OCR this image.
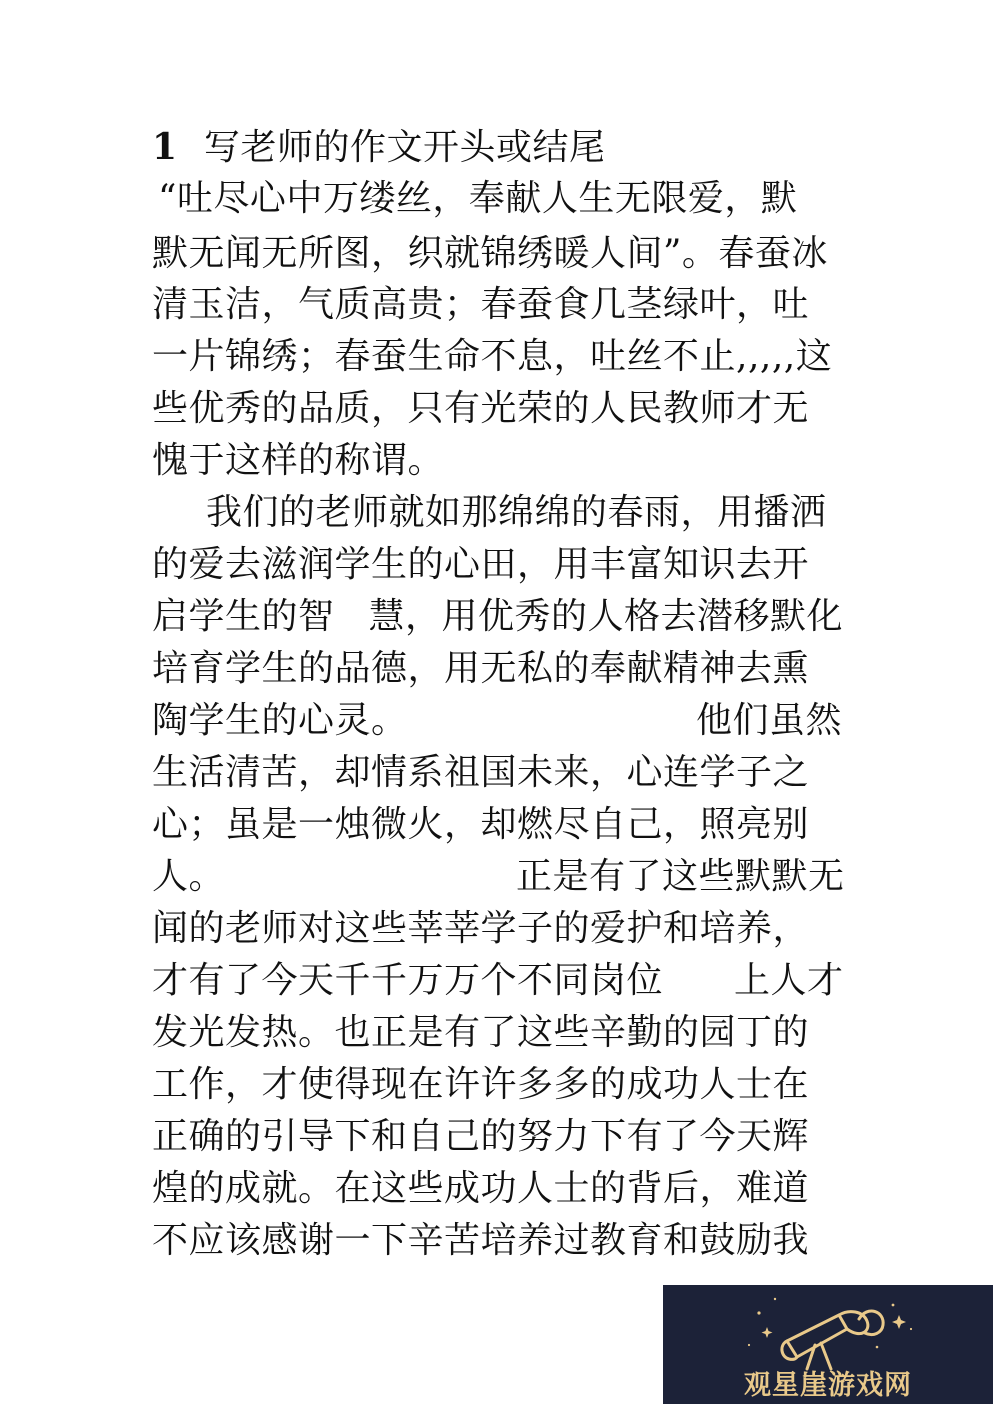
1 写老师的作文开头或结尾
“吐尽心中万缕丝，奉献人生无限爱，默
默无闻无所图，织就锦绣暖人间”。春蚕冰
清玉洁，气质高贵；春蚕食几茎绿叶，吐
一片锦绣；春蚕生命不息，吐丝不止,,,,,这
些优秀的品质，只有光荣的人民教师才无
愧于这样的称谓。
我们的老师就如那绵绵的春雨，用播洒
的爱去滋润学生的心田，用丰富知识去开
启学生的智 慧，用优秀的人格去潜移默化
培育学生的品德，用无私的奉献精神去熏
陶学生的心灵。	他们虽然
生活清苦，却情系祖国未来，心连学子之
心；虽是一烛微火，却燃尽自己，照亮别
人。	正是有了这些默默无
闻的老师对这些莘莘学子的爱护和培养，
才有了今天千千万万个不同岗位	上人才
发光发热。也正是有了这些辛勤的园丁的
工作，才使得现在许许多多的成功人士在
正确的引导下和自己的努力下有了今天辉
煌的成就。在这些成功人士的背后，难道
不应该感谢一下辛苦培养过教育和鼓励我
观星崖游戏网
